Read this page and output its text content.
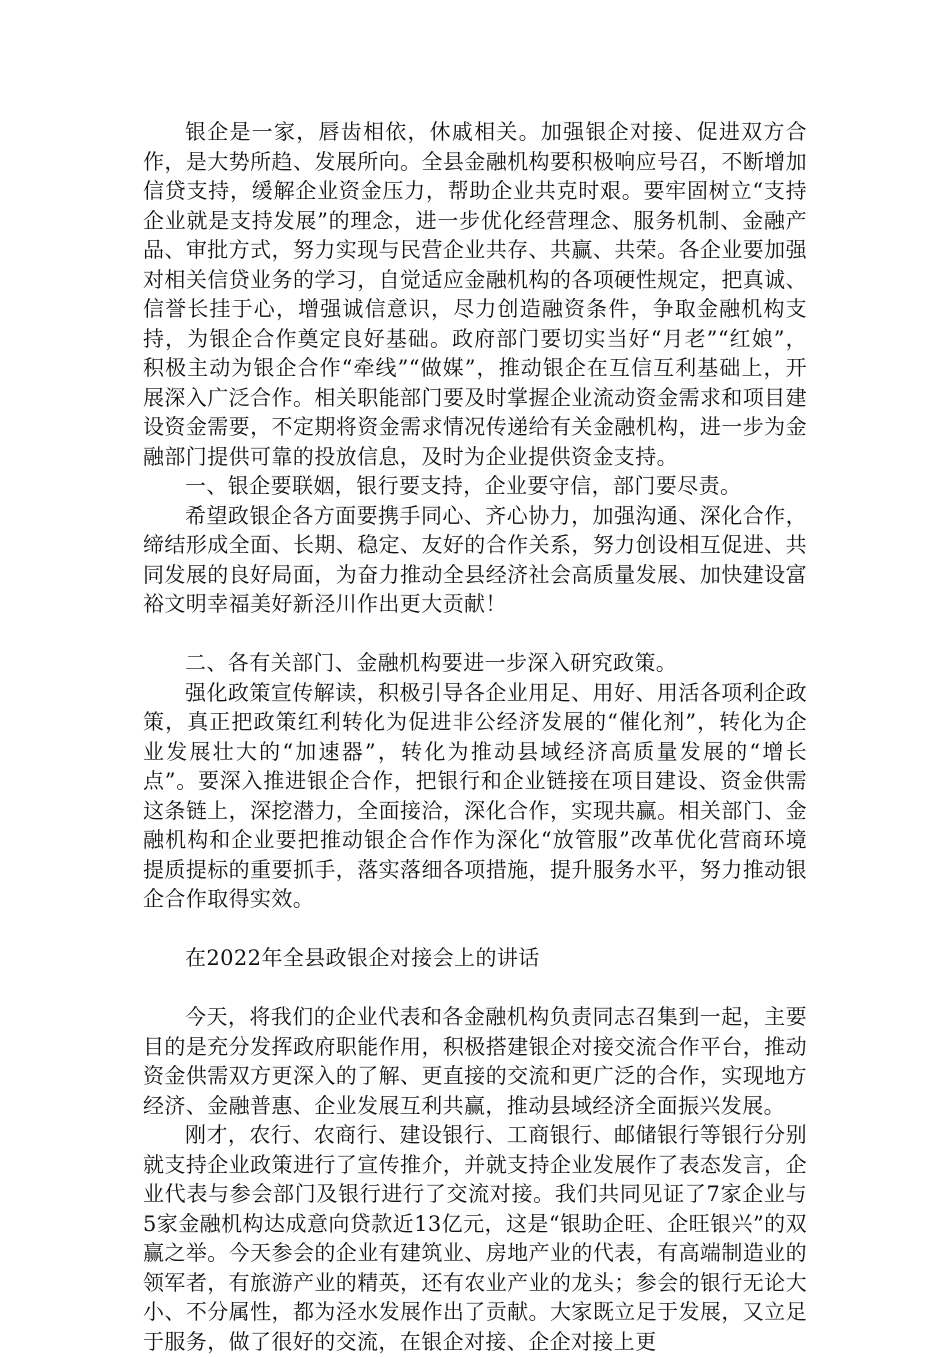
银企是一家，唇齿相依，休戚相关。加强银企对接、促进双方合作，是大势所趋、发展所向。全县金融机构要积极响应号召，不断增加信贷支持，缓解企业资金压力，帮助企业共克时艰。要牢固树立“支持企业就是支持发展”的理念，进一步优化经营理念、服务机制、金融产品、审批方式，努力实现与民营企业共存、共赢、共荣。各企业要加强对相关信贷业务的学习，自觉适应金融机构的各项硬性规定，把真诚、信誉长挂于心，增强诚信意识，尽力创造融资条件，争取金融机构支持，为银企合作奠定良好基础。政府部门要切实当好“月老”“红娘”，积极主动为银企合作“牵线”“做媒”，推动银企在互信互利基础上，开展深入广泛合作。相关职能部门要及时掌握企业流动资金需求和项目建设资金需要，不定期将资金需求情况传递给有关金融机构，进一步为金融部门提供可靠的投放信息，及时为企业提供资金支持。

一、银企要联姻，银行要支持，企业要守信，部门要尽责。

希望政银企各方面要携手同心、齐心协力，加强沟通、深化合作，缔结形成全面、长期、稳定、友好的合作关系，努力创设相互促进、共同发展的良好局面，为奋力推动全县经济社会高质量发展、加快建设富裕文明幸福美好新泾川作出更大贡献！

二、各有关部门、金融机构要进一步深入研究政策。

强化政策宣传解读，积极引导各企业用足、用好、用活各项利企政策，真正把政策红利转化为促进非公经济发展的“催化剂”，转化为企业发展壮大的“加速器”，转化为推动县域经济高质量发展的“增长点”。要深入推进银企合作，把银行和企业链接在项目建设、资金供需这条链上，深挖潜力，全面接洽，深化合作，实现共赢。相关部门、金融机构和企业要把推动银企合作作为深化“放管服”改革优化营商环境提质提标的重要抓手，落实落细各项措施，提升服务水平，努力推动银企合作取得实效。

在2022年全县政银企对接会上的讲话

今天，将我们的企业代表和各金融机构负责同志召集到一起，主要目的是充分发挥政府职能作用，积极搭建银企对接交流合作平台，推动资金供需双方更深入的了解、更直接的交流和更广泛的合作，实现地方经济、金融普惠、企业发展互利共赢，推动县域经济全面振兴发展。

刚才，农行、农商行、建设银行、工商银行、邮储银行等银行分别就支持企业政策进行了宣传推介，并就支持企业发展作了表态发言，企业代表与参会部门及银行进行了交流对接。我们共同见证了7家企业与5家金融机构达成意向贷款近13亿元，这是“银助企旺、企旺银兴”的双赢之举。今天参会的企业有建筑业、房地产业的代表，有高端制造业的领军者，有旅游产业的精英，还有农业产业的龙头；参会的银行无论大小、不分属性，都为泾水发展作出了贡献。大家既立足于发展，又立足于服务，做了很好的交流，在银企对接、企企对接上更
